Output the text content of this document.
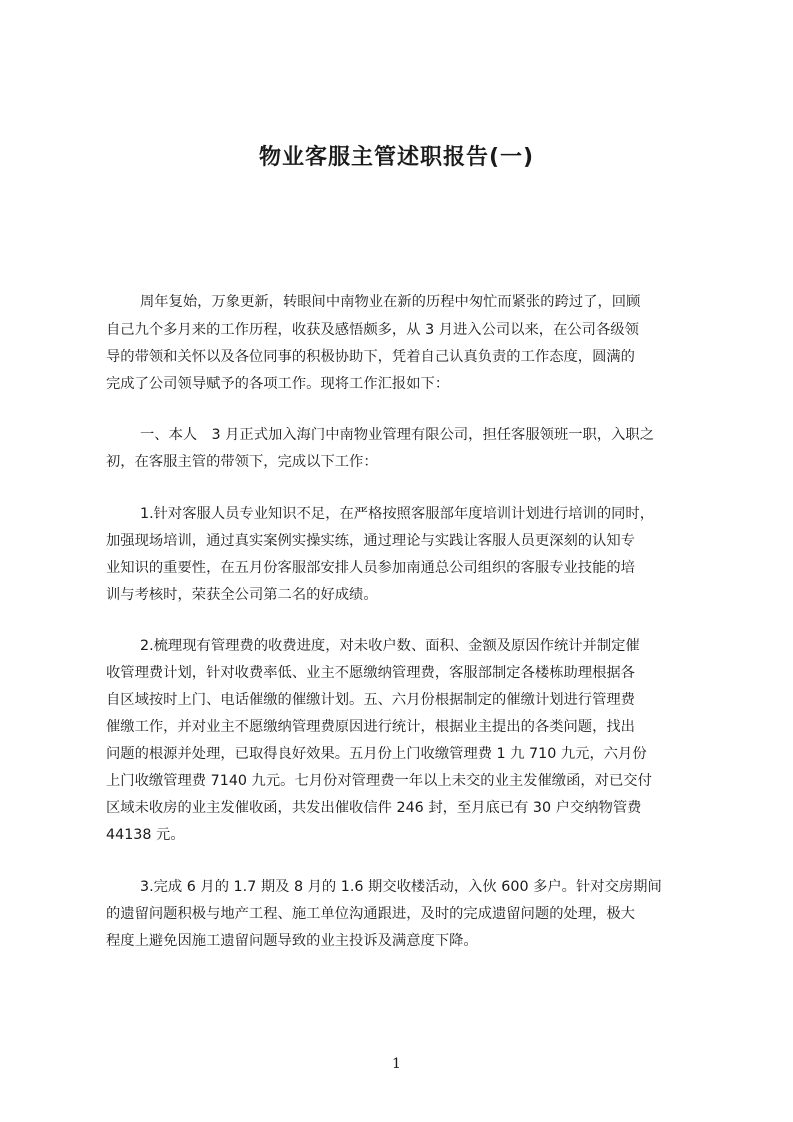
物业客服主管述职报告(一)
周年复始，万象更新，转眼间中南物业在新的历程中匆忙而紧张的跨过了，回顾
自己九个多月来的工作历程，收获及感悟颇多，从 3 月进入公司以来，在公司各级领
导的带领和关怀以及各位同事的积极协助下，凭着自己认真负责的工作态度，圆满的
完成了公司领导赋予的各项工作。现将工作汇报如下：
一、本人　3 月正式加入海门中南物业管理有限公司，担任客服领班一职，入职之
初，在客服主管的带领下，完成以下工作：
1.针对客服人员专业知识不足，在严格按照客服部年度培训计划进行培训的同时，
加强现场培训，通过真实案例实操实练，通过理论与实践让客服人员更深刻的认知专
业知识的重要性，在五月份客服部安排人员参加南通总公司组织的客服专业技能的培
训与考核时，荣获全公司第二名的好成绩。
2.梳理现有管理费的收费进度，对未收户数、面积、金额及原因作统计并制定催
收管理费计划，针对收费率低、业主不愿缴纳管理费，客服部制定各楼栋助理根据各
自区域按时上门、电话催缴的催缴计划。五、六月份根据制定的催缴计划进行管理费
催缴工作，并对业主不愿缴纳管理费原因进行统计，根据业主提出的各类问题，找出
问题的根源并处理，已取得良好效果。五月份上门收缴管理费 1 九 710 九元，六月份
上门收缴管理费 7140 九元。七月份对管理费一年以上未交的业主发催缴函，对已交付
区域未收房的业主发催收函，共发出催收信件 246 封，至月底已有 30 户交纳物管费
44138 元。
3.完成 6 月的 1.7 期及 8 月的 1.6 期交收楼活动，入伙 600 多户。针对交房期间
的遗留问题积极与地产工程、施工单位沟通跟进，及时的完成遗留问题的处理，极大
程度上避免因施工遗留问题导致的业主投诉及满意度下降。
1
